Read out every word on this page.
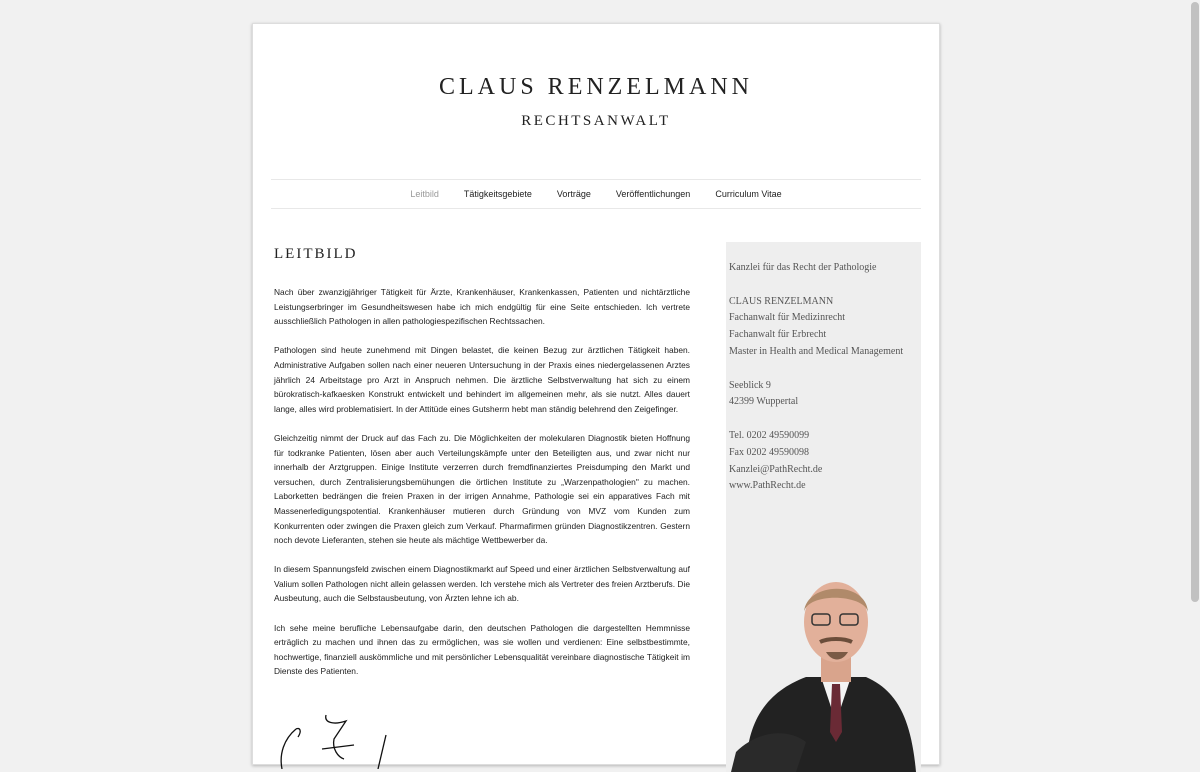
CLAUS RENZELMANN
RECHTSANWALT
Leitbild	Tätigkeitsgebiete	Vorträge	Veröffentlichungen	Curriculum Vitae
LEITBILD

Nach über zwanzigjähriger Tätigkeit für Ärzte, Krankenhäuser, Krankenkassen, Patienten und nichtärztliche Leistungserbringer im Gesundheitswesen habe ich mich endgültig für eine Seite entschieden. Ich vertrete ausschließlich Pathologen in allen pathologiespezifischen Rechtssachen.

Pathologen sind heute zunehmend mit Dingen belastet, die keinen Bezug zur ärztlichen Tätigkeit haben. Administrative Aufgaben sollen nach einer neueren Untersuchung in der Praxis eines niedergelassenen Arztes jährlich 24 Arbeitstage pro Arzt in Anspruch nehmen. Die ärztliche Selbstverwaltung hat sich zu einem bürokratisch-kafkaesken Konstrukt entwickelt und behindert im allgemeinen mehr, als sie nutzt. Alles dauert lange, alles wird problematisiert. In der Attitüde eines Gutsherrn hebt man ständig belehrend den Zeigefinger.

Gleichzeitig nimmt der Druck auf das Fach zu. Die Möglichkeiten der molekularen Diagnostik bieten Hoffnung für todkranke Patienten, lösen aber auch Verteilungskämpfe unter den Beteiligten aus, und zwar nicht nur innerhalb der Arztgruppen. Einige Institute verzerren durch fremdfinanziertes Preisdumping den Markt und versuchen, durch Zentralisierungsbemühungen die örtlichen Institute zu „Warzenpathologien" zu machen. Laborketten bedrängen die freien Praxen in der irrigen Annahme, Pathologie sei ein apparatives Fach mit Massenerledigungspotential. Krankenhäuser mutieren durch Gründung von MVZ vom Kunden zum Konkurrenten oder zwingen die Praxen gleich zum Verkauf. Pharmafirmen gründen Diagnostikzentren. Gestern noch devote Lieferanten, stehen sie heute als mächtige Wettbewerber da.

In diesem Spannungsfeld zwischen einem Diagnostikmarkt auf Speed und einer ärztlichen Selbstverwaltung auf Valium sollen Pathologen nicht allein gelassen werden. Ich verstehe mich als Vertreter des freien Arztberufs. Die Ausbeutung, auch die Selbstausbeutung, von Ärzten lehne ich ab.

Ich sehe meine berufliche Lebensaufgabe darin, den deutschen Pathologen die dargestellten Hemmnisse erträglich zu machen und ihnen das zu ermöglichen, was sie wollen und verdienen: Eine selbstbestimmte, hochwertige, finanziell auskömmliche und mit persönlicher Lebensqualität vereinbare diagnostische Tätigkeit im Dienste des Patienten.

Kanzlei für das Recht der Pathologie
CLAUS RENZELMANN
Fachanwalt für Medizinrecht
Fachanwalt für Erbrecht
Master in Health and Medical Management
Seeblick 9
42399 Wuppertal
Tel. 0202 49590099
Fax 0202 49590098
Kanzlei@PathRecht.de
www.PathRecht.de
